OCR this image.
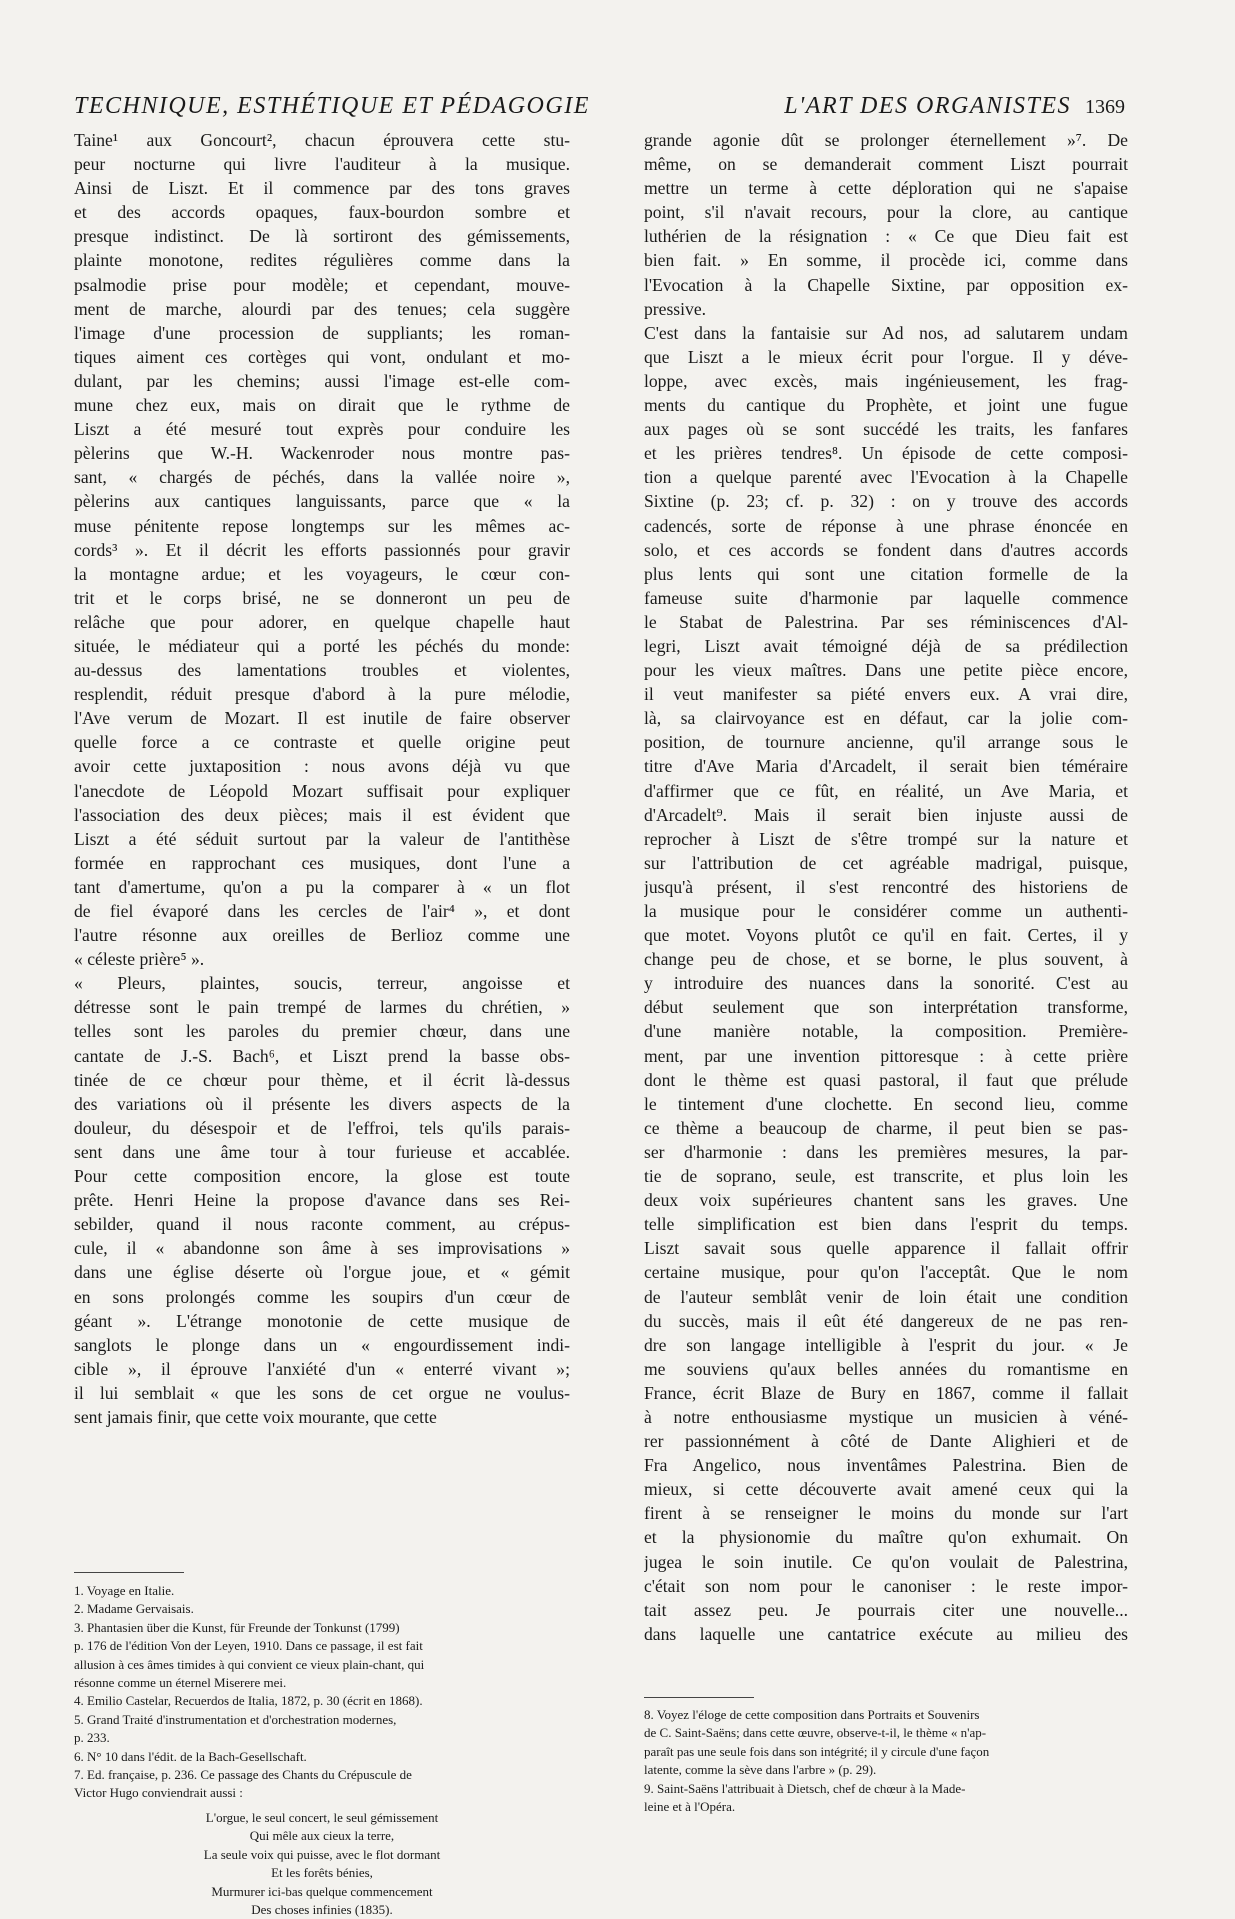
TECHNIQUE, ESTHÉTIQUE ET PÉDAGOGIE	L'ART DES ORGANISTES 1369
Taine¹ aux Goncourt², chacun éprouvera cette stu-
peur nocturne qui livre l'auditeur à la musique.
Ainsi de Liszt. Et il commence par des tons graves
et des accords opaques, faux-bourdon sombre et
presque indistinct. De là sortiront des gémissements,
plainte monotone, redites régulières comme dans la
psalmodie prise pour modèle; et cependant, mouve-
ment de marche, alourdi par des tenues; cela suggère
l'image d'une procession de suppliants; les roman-
tiques aiment ces cortèges qui vont, ondulant et mo-
dulant, par les chemins; aussi l'image est-elle com-
mune chez eux, mais on dirait que le rythme de
Liszt a été mesuré tout exprès pour conduire les
pèlerins que W.-H. Wackenroder nous montre pas-
sant, « chargés de péchés, dans la vallée noire »,
pèlerins aux cantiques languissants, parce que « la
muse pénitente repose longtemps sur les mêmes ac-
cords³ ». Et il décrit les efforts passionnés pour gravir
la montagne ardue; et les voyageurs, le cœur con-
trit et le corps brisé, ne se donneront un peu de
relâche que pour adorer, en quelque chapelle haut
située, le médiateur qui a porté les péchés du monde:
au-dessus des lamentations troubles et violentes,
resplendit, réduit presque d'abord à la pure mélodie,
l'Ave verum de Mozart. Il est inutile de faire observer
quelle force a ce contraste et quelle origine peut
avoir cette juxtaposition : nous avons déjà vu que
l'anecdote de Léopold Mozart suffisait pour expliquer
l'association des deux pièces; mais il est évident que
Liszt a été séduit surtout par la valeur de l'antithèse
formée en rapprochant ces musiques, dont l'une a
tant d'amertume, qu'on a pu la comparer à « un flot
de fiel évaporé dans les cercles de l'air⁴ », et dont
l'autre résonne aux oreilles de Berlioz comme une
« céleste prière⁵ ».
« Pleurs, plaintes, soucis, terreur, angoisse et
détresse sont le pain trempé de larmes du chrétien, »
telles sont les paroles du premier chœur, dans une
cantate de J.-S. Bach⁶, et Liszt prend la basse obs-
tinée de ce chœur pour thème, et il écrit là-dessus
des variations où il présente les divers aspects de la
douleur, du désespoir et de l'effroi, tels qu'ils parais-
sent dans une âme tour à tour furieuse et accablée.
Pour cette composition encore, la glose est toute
prête. Henri Heine la propose d'avance dans ses Rei-
sebilder, quand il nous raconte comment, au crépus-
cule, il « abandonne son âme à ses improvisations »
dans une église déserte où l'orgue joue, et « gémit
en sons prolongés comme les soupirs d'un cœur de
géant ». L'étrange monotonie de cette musique de
sanglots le plonge dans un « engourdissement indi-
cible », il éprouve l'anxiété d'un « enterré vivant »;
il lui semblait « que les sons de cet orgue ne voulus-
sent jamais finir, que cette voix mourante, que cette
grande agonie dût se prolonger éternellement »⁷. De
même, on se demanderait comment Liszt pourrait
mettre un terme à cette déploration qui ne s'apaise
point, s'il n'avait recours, pour la clore, au cantique
luthérien de la résignation : « Ce que Dieu fait est
bien fait. » En somme, il procède ici, comme dans
l'Evocation à la Chapelle Sixtine, par opposition ex-
pressive.
C'est dans la fantaisie sur Ad nos, ad salutarem undam
que Liszt a le mieux écrit pour l'orgue. Il y déve-
loppe, avec excès, mais ingénieusement, les frag-
ments du cantique du Prophète, et joint une fugue
aux pages où se sont succédé les traits, les fanfares
et les prières tendres⁸. Un épisode de cette composi-
tion a quelque parenté avec l'Evocation à la Chapelle
Sixtine (p. 23; cf. p. 32) : on y trouve des accords
cadencés, sorte de réponse à une phrase énoncée en
solo, et ces accords se fondent dans d'autres accords
plus lents qui sont une citation formelle de la
fameuse suite d'harmonie par laquelle commence
le Stabat de Palestrina. Par ses réminiscences d'Al-
legri, Liszt avait témoigné déjà de sa prédilection
pour les vieux maîtres. Dans une petite pièce encore,
il veut manifester sa piété envers eux. A vrai dire,
là, sa clairvoyance est en défaut, car la jolie com-
position, de tournure ancienne, qu'il arrange sous le
titre d'Ave Maria d'Arcadelt, il serait bien téméraire
d'affirmer que ce fût, en réalité, un Ave Maria, et
d'Arcadelt⁹. Mais il serait bien injuste aussi de
reprocher à Liszt de s'être trompé sur la nature et
sur l'attribution de cet agréable madrigal, puisque,
jusqu'à présent, il s'est rencontré des historiens de
la musique pour le considérer comme un authenti-
que motet. Voyons plutôt ce qu'il en fait. Certes, il y
change peu de chose, et se borne, le plus souvent, à
y introduire des nuances dans la sonorité. C'est au
début seulement que son interprétation transforme,
d'une manière notable, la composition. Première-
ment, par une invention pittoresque : à cette prière
dont le thème est quasi pastoral, il faut que prélude
le tintement d'une clochette. En second lieu, comme
ce thème a beaucoup de charme, il peut bien se pas-
ser d'harmonie : dans les premières mesures, la par-
tie de soprano, seule, est transcrite, et plus loin les
deux voix supérieures chantent sans les graves. Une
telle simplification est bien dans l'esprit du temps.
Liszt savait sous quelle apparence il fallait offrir
certaine musique, pour qu'on l'acceptât. Que le nom
de l'auteur semblât venir de loin était une condition
du succès, mais il eût été dangereux de ne pas ren-
dre son langage intelligible à l'esprit du jour. « Je
me souviens qu'aux belles années du romantisme en
France, écrit Blaze de Bury en 1867, comme il fallait
à notre enthousiasme mystique un musicien à véné-
rer passionnément à côté de Dante Alighieri et de
Fra Angelico, nous inventâmes Palestrina. Bien de
mieux, si cette découverte avait amené ceux qui la
firent à se renseigner le moins du monde sur l'art
et la physionomie du maître qu'on exhumait. On
jugea le soin inutile. Ce qu'on voulait de Palestrina,
c'était son nom pour le canoniser : le reste impor-
tait assez peu. Je pourrais citer une nouvelle...
dans laquelle une cantatrice exécute au milieu des
1. Voyage en Italie.
2. Madame Gervaisais.
3. Phantasien über die Kunst, für Freunde der Tonkunst (1799)
p. 176 de l'édition Von der Leyen, 1910. Dans ce passage, il est fait
allusion à ces âmes timides à qui convient ce vieux plain-chant, qui
résonne comme un éternel Miserere mei.
4. Emilio Castelar, Recuerdos de Italia, 1872, p. 30 (écrit en 1868).
5. Grand Traité d'instrumentation et d'orchestration modernes,
p. 233.
6. N° 10 dans l'édit. de la Bach-Gesellschaft.
7. Ed. française, p. 236. Ce passage des Chants du Crépuscule de
Victor Hugo conviendrait aussi :
L'orgue, le seul concert, le seul gémissement
Qui mêle aux cieux la terre,
La seule voix qui puisse, avec le flot dormant
Et les forêts bénies,
Murmurer ici-bas quelque commencement
Des choses infinies (1835).
8. Voyez l'éloge de cette composition dans Portraits et Souvenirs
de C. Saint-Saëns; dans cette œuvre, observe-t-il, le thème « n'ap-
paraît pas une seule fois dans son intégrité; il y circule d'une façon
latente, comme la sève dans l'arbre » (p. 29).
9. Saint-Saëns l'attribuait à Dietsch, chef de chœur à la Made-
leine et à l'Opéra.
